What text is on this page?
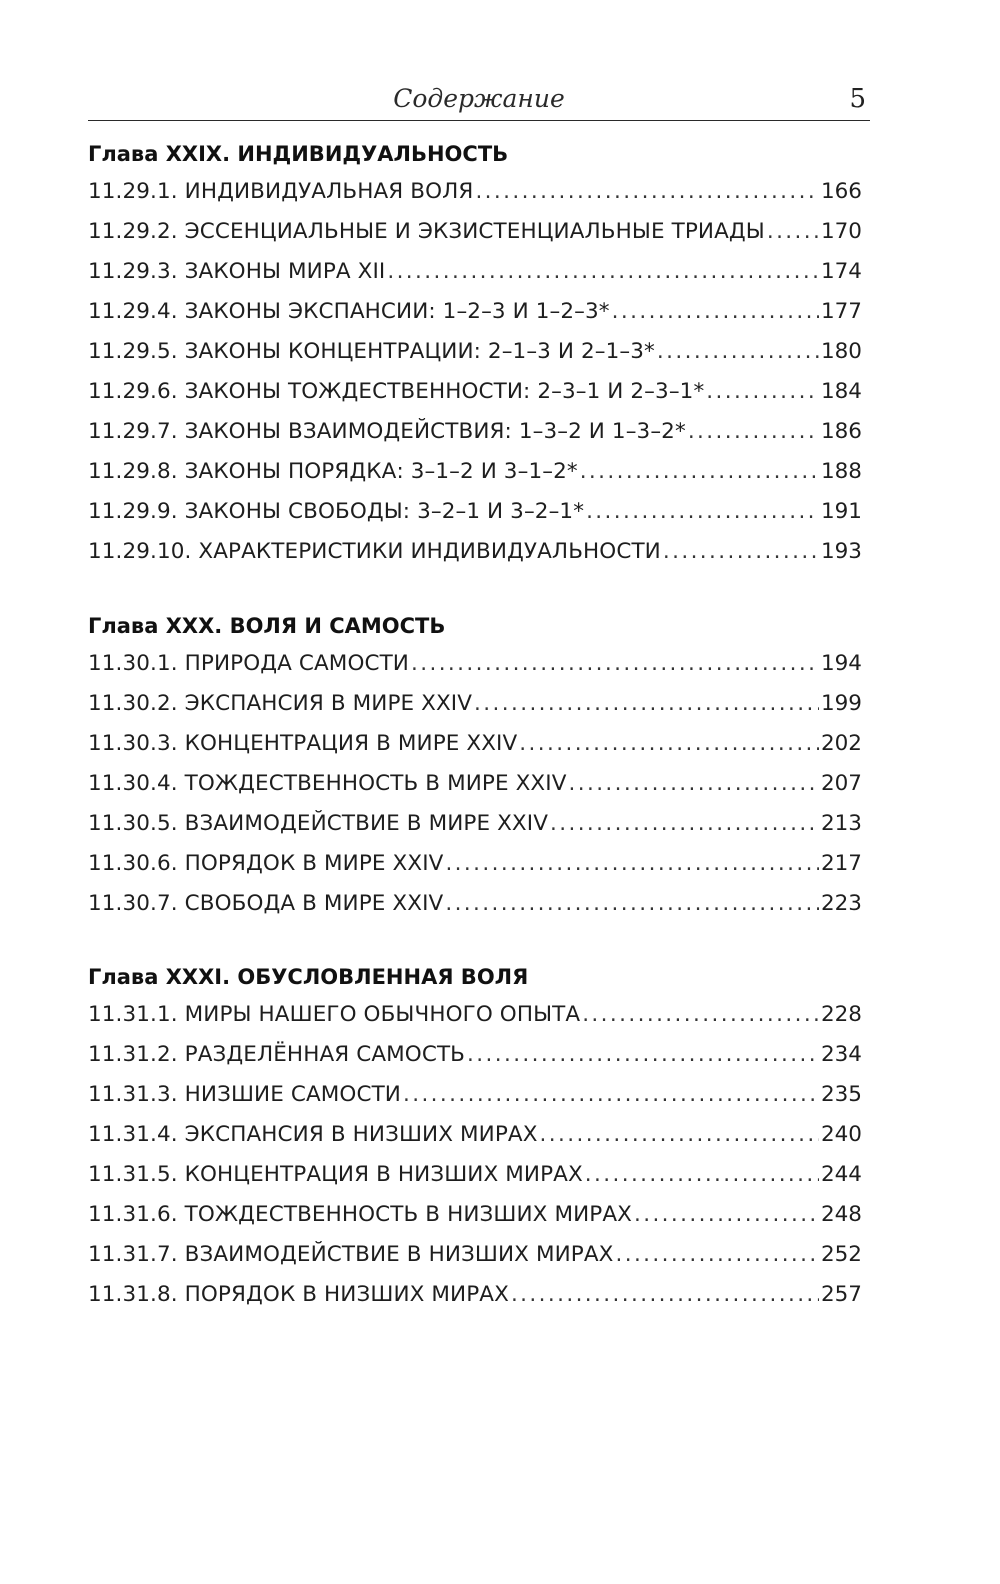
Содержание	5
Глава XXIX. ИНДИВИДУАЛЬНОСТЬ
11.29.1. ИНДИВИДУАЛЬНАЯ ВОЛЯ .....	166
11.29.2. ЭССЕНЦИАЛЬНЫЕ И ЭКЗИСТЕНЦИАЛЬНЫЕ ТРИАДЫ .....	170
11.29.3. ЗАКОНЫ МИРА XII .....	174
11.29.4. ЗАКОНЫ ЭКСПАНСИИ: 1–2–3 И 1–2–3* .....	177
11.29.5. ЗАКОНЫ КОНЦЕНТРАЦИИ: 2–1–3 И 2–1–3* .....	180
11.29.6. ЗАКОНЫ ТОЖДЕСТВЕННОСТИ: 2–3–1 И 2–3–1* .....	184
11.29.7. ЗАКОНЫ ВЗАИМОДЕЙСТВИЯ: 1–3–2 И 1–3–2* .....	186
11.29.8. ЗАКОНЫ ПОРЯДКА: 3–1–2 И 3–1–2* .....	188
11.29.9. ЗАКОНЫ СВОБОДЫ: 3–2–1 И 3–2–1* .....	191
11.29.10. ХАРАКТЕРИСТИКИ ИНДИВИДУАЛЬНОСТИ .....	193
Глава XXX. ВОЛЯ И САМОСТЬ
11.30.1. ПРИРОДА САМОСТИ .....	194
11.30.2. ЭКСПАНСИЯ В МИРЕ XXIV .....	199
11.30.3. КОНЦЕНТРАЦИЯ В МИРЕ XXIV .....	202
11.30.4. ТОЖДЕСТВЕННОСТЬ В МИРЕ XXIV .....	207
11.30.5. ВЗАИМОДЕЙСТВИЕ В МИРЕ XXIV .....	213
11.30.6. ПОРЯДОК В МИРЕ XXIV .....	217
11.30.7. СВОБОДА В МИРЕ XXIV .....	223
Глава XXXI. ОБУСЛОВЛЕННАЯ ВОЛЯ
11.31.1. МИРЫ НАШЕГО ОБЫЧНОГО ОПЫТА .....	228
11.31.2. РАЗДЕЛЁННАЯ САМОСТЬ .....	234
11.31.3. НИЗШИЕ САМОСТИ .....	235
11.31.4. ЭКСПАНСИЯ В НИЗШИХ МИРАХ .....	240
11.31.5. КОНЦЕНТРАЦИЯ В НИЗШИХ МИРАХ .....	244
11.31.6. ТОЖДЕСТВЕННОСТЬ В НИЗШИХ МИРАХ .....	248
11.31.7. ВЗАИМОДЕЙСТВИЕ В НИЗШИХ МИРАХ .....	252
11.31.8. ПОРЯДОК В НИЗШИХ МИРАХ .....	257
